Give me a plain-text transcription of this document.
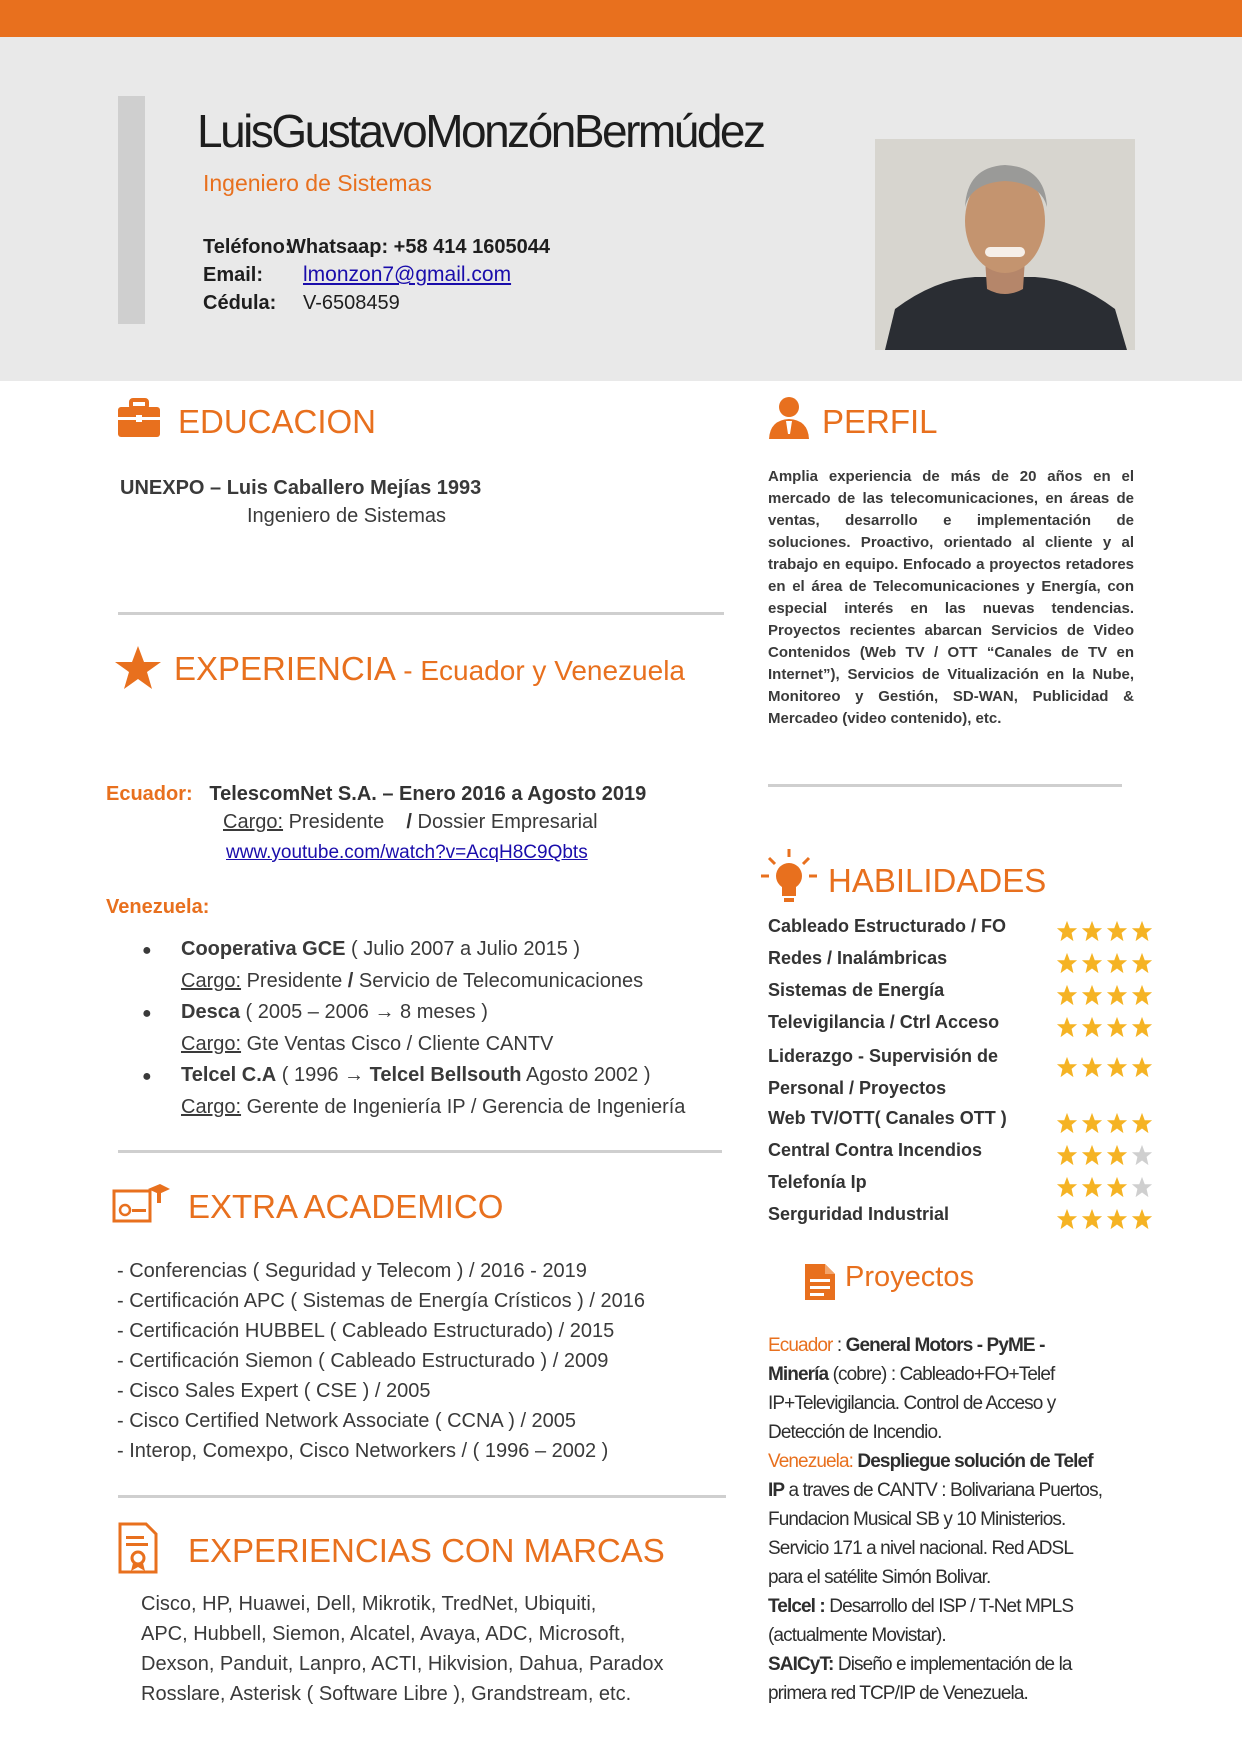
LuisGustavoMonzónBermúdez
Ingeniero de Sistemas
Teléfono:
Whatsaap: +58 414 1605044
Email:	lmonzon7@gmail.com
Cédula:	V-6508459
EDUCACION
UNEXPO – Luis Caballero Mejías 1993
Ingeniero de Sistemas
EXPERIENCIA - Ecuador y Venezuela
Ecuador: TelescomNet S.A. – Enero 2016 a Agosto 2019
Cargo: Presidente    / Dossier Empresarial
www.youtube.com/watch?v=AcqH8C9Qbts
Venezuela:
● Cooperativa GCE ( Julio 2007 a Julio 2015 )
Cargo: Presidente / Servicio de Telecomunicaciones
● Desca ( 2005 – 2006 → 8 meses )
Cargo: Gte Ventas Cisco / Cliente CANTV
● Telcel C.A ( 1996 → Telcel Bellsouth Agosto 2002 )
Cargo: Gerente de Ingeniería IP / Gerencia de Ingeniería
EXTRA ACADEMICO
- Conferencias ( Seguridad y Telecom ) / 2016 - 2019
- Certificación APC ( Sistemas de Energía Crísticos ) / 2016
- Certificación HUBBEL ( Cableado Estructurado) / 2015
- Certificación Siemon ( Cableado Estructurado ) / 2009
- Cisco Sales Expert ( CSE ) / 2005
- Cisco Certified Network Associate ( CCNA ) / 2005
- Interop, Comexpo, Cisco Networkers / ( 1996 – 2002 )
EXPERIENCIAS CON MARCAS
Cisco, HP, Huawei, Dell, Mikrotik, TredNet, Ubiquiti,
APC, Hubbell, Siemon, Alcatel, Avaya, ADC, Microsoft,
Dexson, Panduit, Lanpro, ACTI, Hikvision, Dahua, Paradox
Rosslare, Asterisk ( Software Libre ), Grandstream, etc.
PERFIL
Amplia experiencia de más de 20 años en el mercado de las telecomunicaciones, en áreas de ventas, desarrollo e implementación de soluciones. Proactivo, orientado al cliente y al trabajo en equipo. Enfocado a proyectos retadores en el área de Telecomunicaciones y Energía, con especial interés en las nuevas tendencias. Proyectos recientes abarcan Servicios de Video Contenidos (Web TV / OTT “Canales de TV en Internet”), Servicios de Vitualización en la Nube, Monitoreo y Gestión, SD-WAN, Publicidad & Mercadeo (video contenido), etc.
HABILIDADES
Cableado Estructurado / FO
Redes / Inalámbricas
Sistemas de Energía
Televigilancia / Ctrl Acceso
Liderazgo - Supervisión de
Personal / Proyectos
Web TV/OTT( Canales OTT )
Central Contra Incendios
Telefonía Ip
Serguridad Industrial
Proyectos
Ecuador : General Motors - PyME - Minería (cobre) : Cableado+FO+Telef IP+Televigilancia. Control de Acceso y Detección de Incendio.
Venezuela: Despliegue solución de Telef IP a traves de CANTV : Bolivariana Puertos, Fundacion Musical SB y 10 Ministerios. Servicio 171 a nivel nacional. Red ADSL para el satélite Simón Bolivar.
Telcel : Desarrollo del ISP / T-Net MPLS (actualmente Movistar).
SAICyT: Diseño e implementación de la primera red TCP/IP de Venezuela.
